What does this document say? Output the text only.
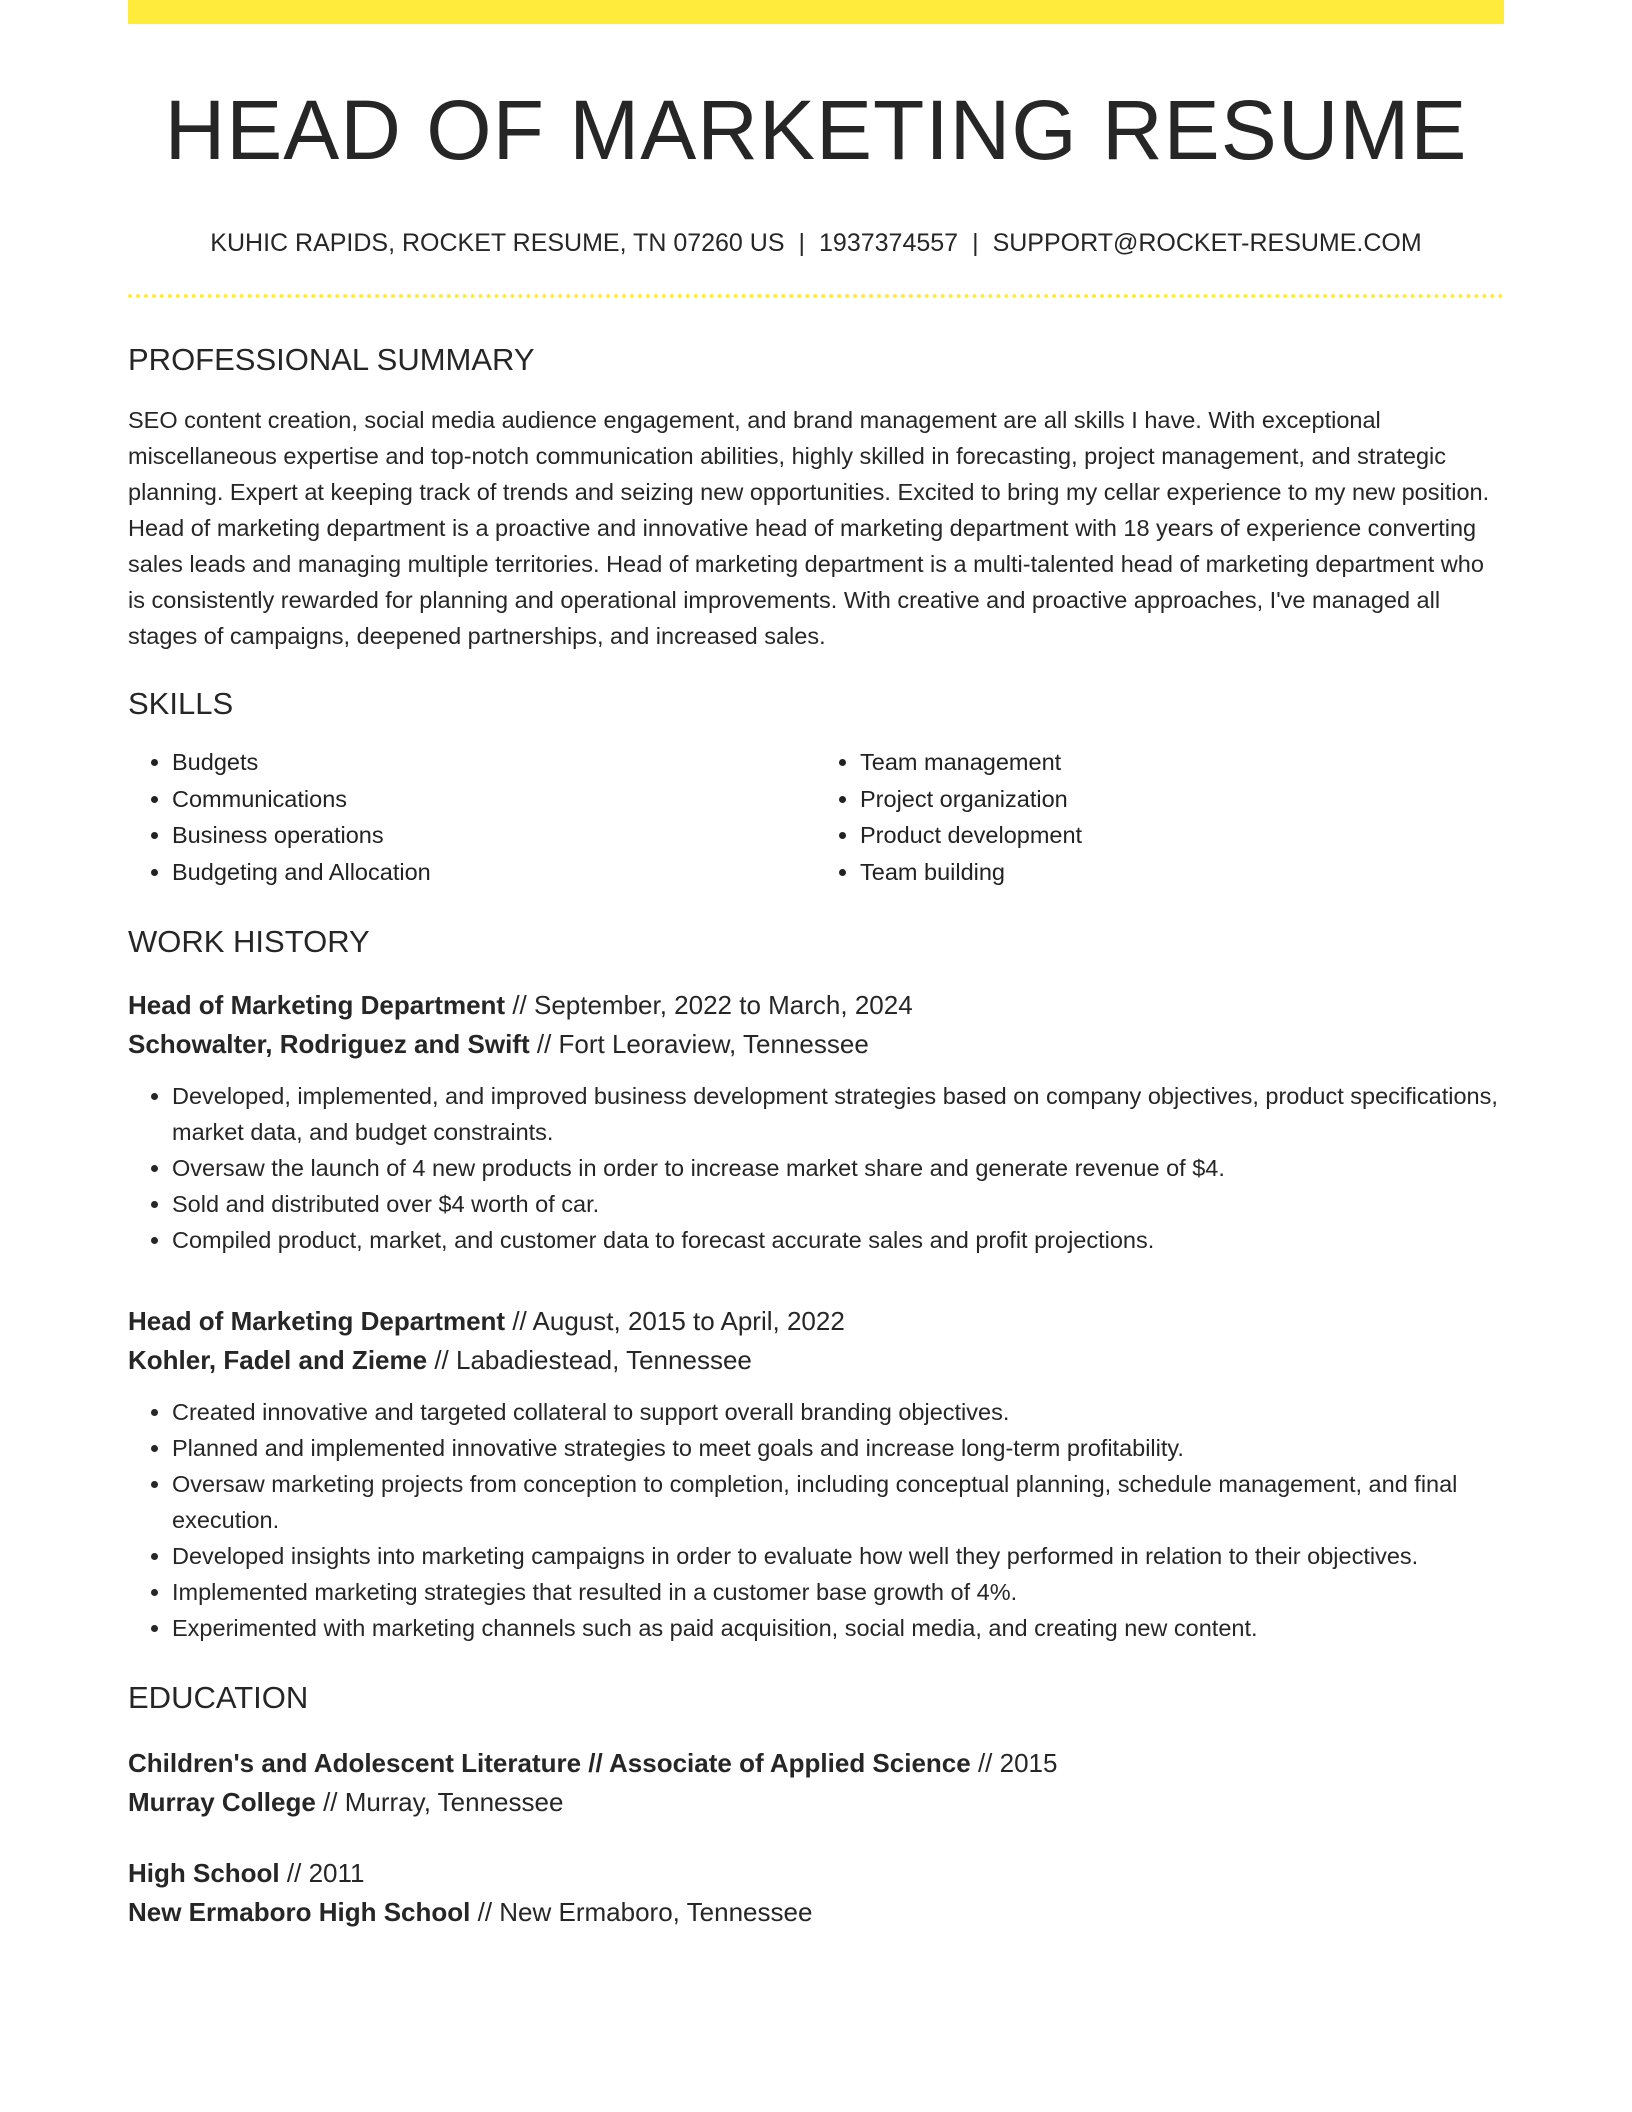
HEAD OF MARKETING RESUME
KUHIC RAPIDS, ROCKET RESUME, TN 07260 US | 1937374557 | SUPPORT@ROCKET-RESUME.COM
PROFESSIONAL SUMMARY
SEO content creation, social media audience engagement, and brand management are all skills I have. With exceptional miscellaneous expertise and top-notch communication abilities, highly skilled in forecasting, project management, and strategic planning. Expert at keeping track of trends and seizing new opportunities. Excited to bring my cellar experience to my new position. Head of marketing department is a proactive and innovative head of marketing department with 18 years of experience converting sales leads and managing multiple territories. Head of marketing department is a multi-talented head of marketing department who is consistently rewarded for planning and operational improvements. With creative and proactive approaches, I've managed all stages of campaigns, deepened partnerships, and increased sales.
SKILLS
• Budgets
• Communications
• Business operations
• Budgeting and Allocation
• Team management
• Project organization
• Product development
• Team building
WORK HISTORY
Head of Marketing Department // September, 2022 to March, 2024
Schowalter, Rodriguez and Swift // Fort Leoraview, Tennessee
• Developed, implemented, and improved business development strategies based on company objectives, product specifications, market data, and budget constraints.
• Oversaw the launch of 4 new products in order to increase market share and generate revenue of $4.
• Sold and distributed over $4 worth of car.
• Compiled product, market, and customer data to forecast accurate sales and profit projections.
Head of Marketing Department // August, 2015 to April, 2022
Kohler, Fadel and Zieme // Labadiestead, Tennessee
• Created innovative and targeted collateral to support overall branding objectives.
• Planned and implemented innovative strategies to meet goals and increase long-term profitability.
• Oversaw marketing projects from conception to completion, including conceptual planning, schedule management, and final execution.
• Developed insights into marketing campaigns in order to evaluate how well they performed in relation to their objectives.
• Implemented marketing strategies that resulted in a customer base growth of 4%.
• Experimented with marketing channels such as paid acquisition, social media, and creating new content.
EDUCATION
Children's and Adolescent Literature // Associate of Applied Science // 2015
Murray College // Murray, Tennessee
High School // 2011
New Ermaboro High School // New Ermaboro, Tennessee
